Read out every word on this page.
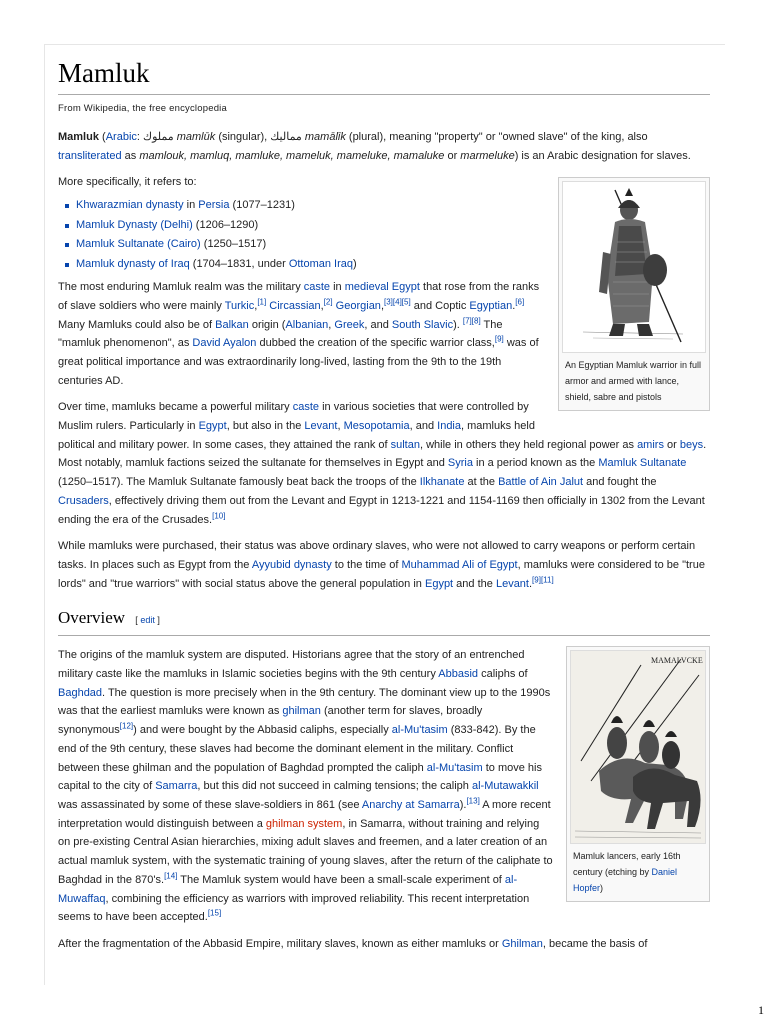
Mamluk
From Wikipedia, the free encyclopedia

Mamluk (Arabic: مملوك mamlūk (singular), مماليك mamālīk (plural), meaning "property" or "owned slave" of the king, also transliterated as mamlouk, mamluq, mamluke, mameluk, mameluke, mamaluke or marmeluke) is an Arabic designation for slaves.

An Egyptian Mamluk warrior in full armor and armed with lance, shield, sabre and pistols

More specifically, it refers to:

Khwarazmian dynasty in Persia (1077–1231)
Mamluk Dynasty (Delhi) (1206–1290)
Mamluk Sultanate (Cairo) (1250–1517)
Mamluk dynasty of Iraq (1704–1831, under Ottoman Iraq)

The most enduring Mamluk realm was the military caste in medieval Egypt that rose from the ranks of slave soldiers who were mainly Turkic,[1] Circassian,[2] Georgian,[3][4][5] and Coptic Egyptian.[6] Many Mamluks could also be of Balkan origin (Albanian, Greek, and South Slavic). [7][8] The "mamluk phenomenon", as David Ayalon dubbed the creation of the specific warrior class,[9] was of great political importance and was extraordinarily long-lived, lasting from the 9th to the 19th centuries AD.

Over time, mamluks became a powerful military caste in various societies that were controlled by Muslim rulers. Particularly in Egypt, but also in the Levant, Mesopotamia, and India, mamluks held political and military power. In some cases, they attained the rank of sultan, while in others they held regional power as amirs or beys. Most notably, mamluk factions seized the sultanate for themselves in Egypt and Syria in a period known as the Mamluk Sultanate (1250–1517). The Mamluk Sultanate famously beat back the troops of the Ilkhanate at the Battle of Ain Jalut and fought the Crusaders, effectively driving them out from the Levant and Egypt in 1213-1221 and 1154-1169 then officially in 1302 from the Levant ending the era of the Crusades.[10]

While mamluks were purchased, their status was above ordinary slaves, who were not allowed to carry weapons or perform certain tasks. In places such as Egypt from the Ayyubid dynasty to the time of Muhammad Ali of Egypt, mamluks were considered to be "true lords" and "true warriors" with social status above the general population in Egypt and the Levant.[9][11]

Overview [ edit ]
MAMALVCKE
Mamluk lancers, early 16th century (etching by Daniel Hopfer)

The origins of the mamluk system are disputed. Historians agree that the story of an entrenched military caste like the mamluks in Islamic societies begins with the 9th century Abbasid caliphs of Baghdad. The question is more precisely when in the 9th century. The dominant view up to the 1990s was that the earliest mamluks were known as ghilman (another term for slaves, broadly synonymous[12]) and were bought by the Abbasid caliphs, especially al-Mu'tasim (833-842). By the end of the 9th century, these slaves had become the dominant element in the military. Conflict between these ghilman and the population of Baghdad prompted the caliph al-Mu'tasim to move his capital to the city of Samarra, but this did not succeed in calming tensions; the caliph al-Mutawakkil was assassinated by some of these slave-soldiers in 861 (see Anarchy at Samarra).[13] A more recent interpretation would distinguish between a ghilman system, in Samarra, without training and relying on pre-existing Central Asian hierarchies, mixing adult slaves and freemen, and a later creation of an actual mamluk system, with the systematic training of young slaves, after the return of the caliphate to Baghdad in the 870's.[14] The Mamluk system would have been a small-scale experiment of al-Muwaffaq, combining the efficiency as warriors with improved reliability. This recent interpretation seems to have been accepted.[15]

After the fragmentation of the Abbasid Empire, military slaves, known as either mamluks or Ghilman, became the basis of

1
